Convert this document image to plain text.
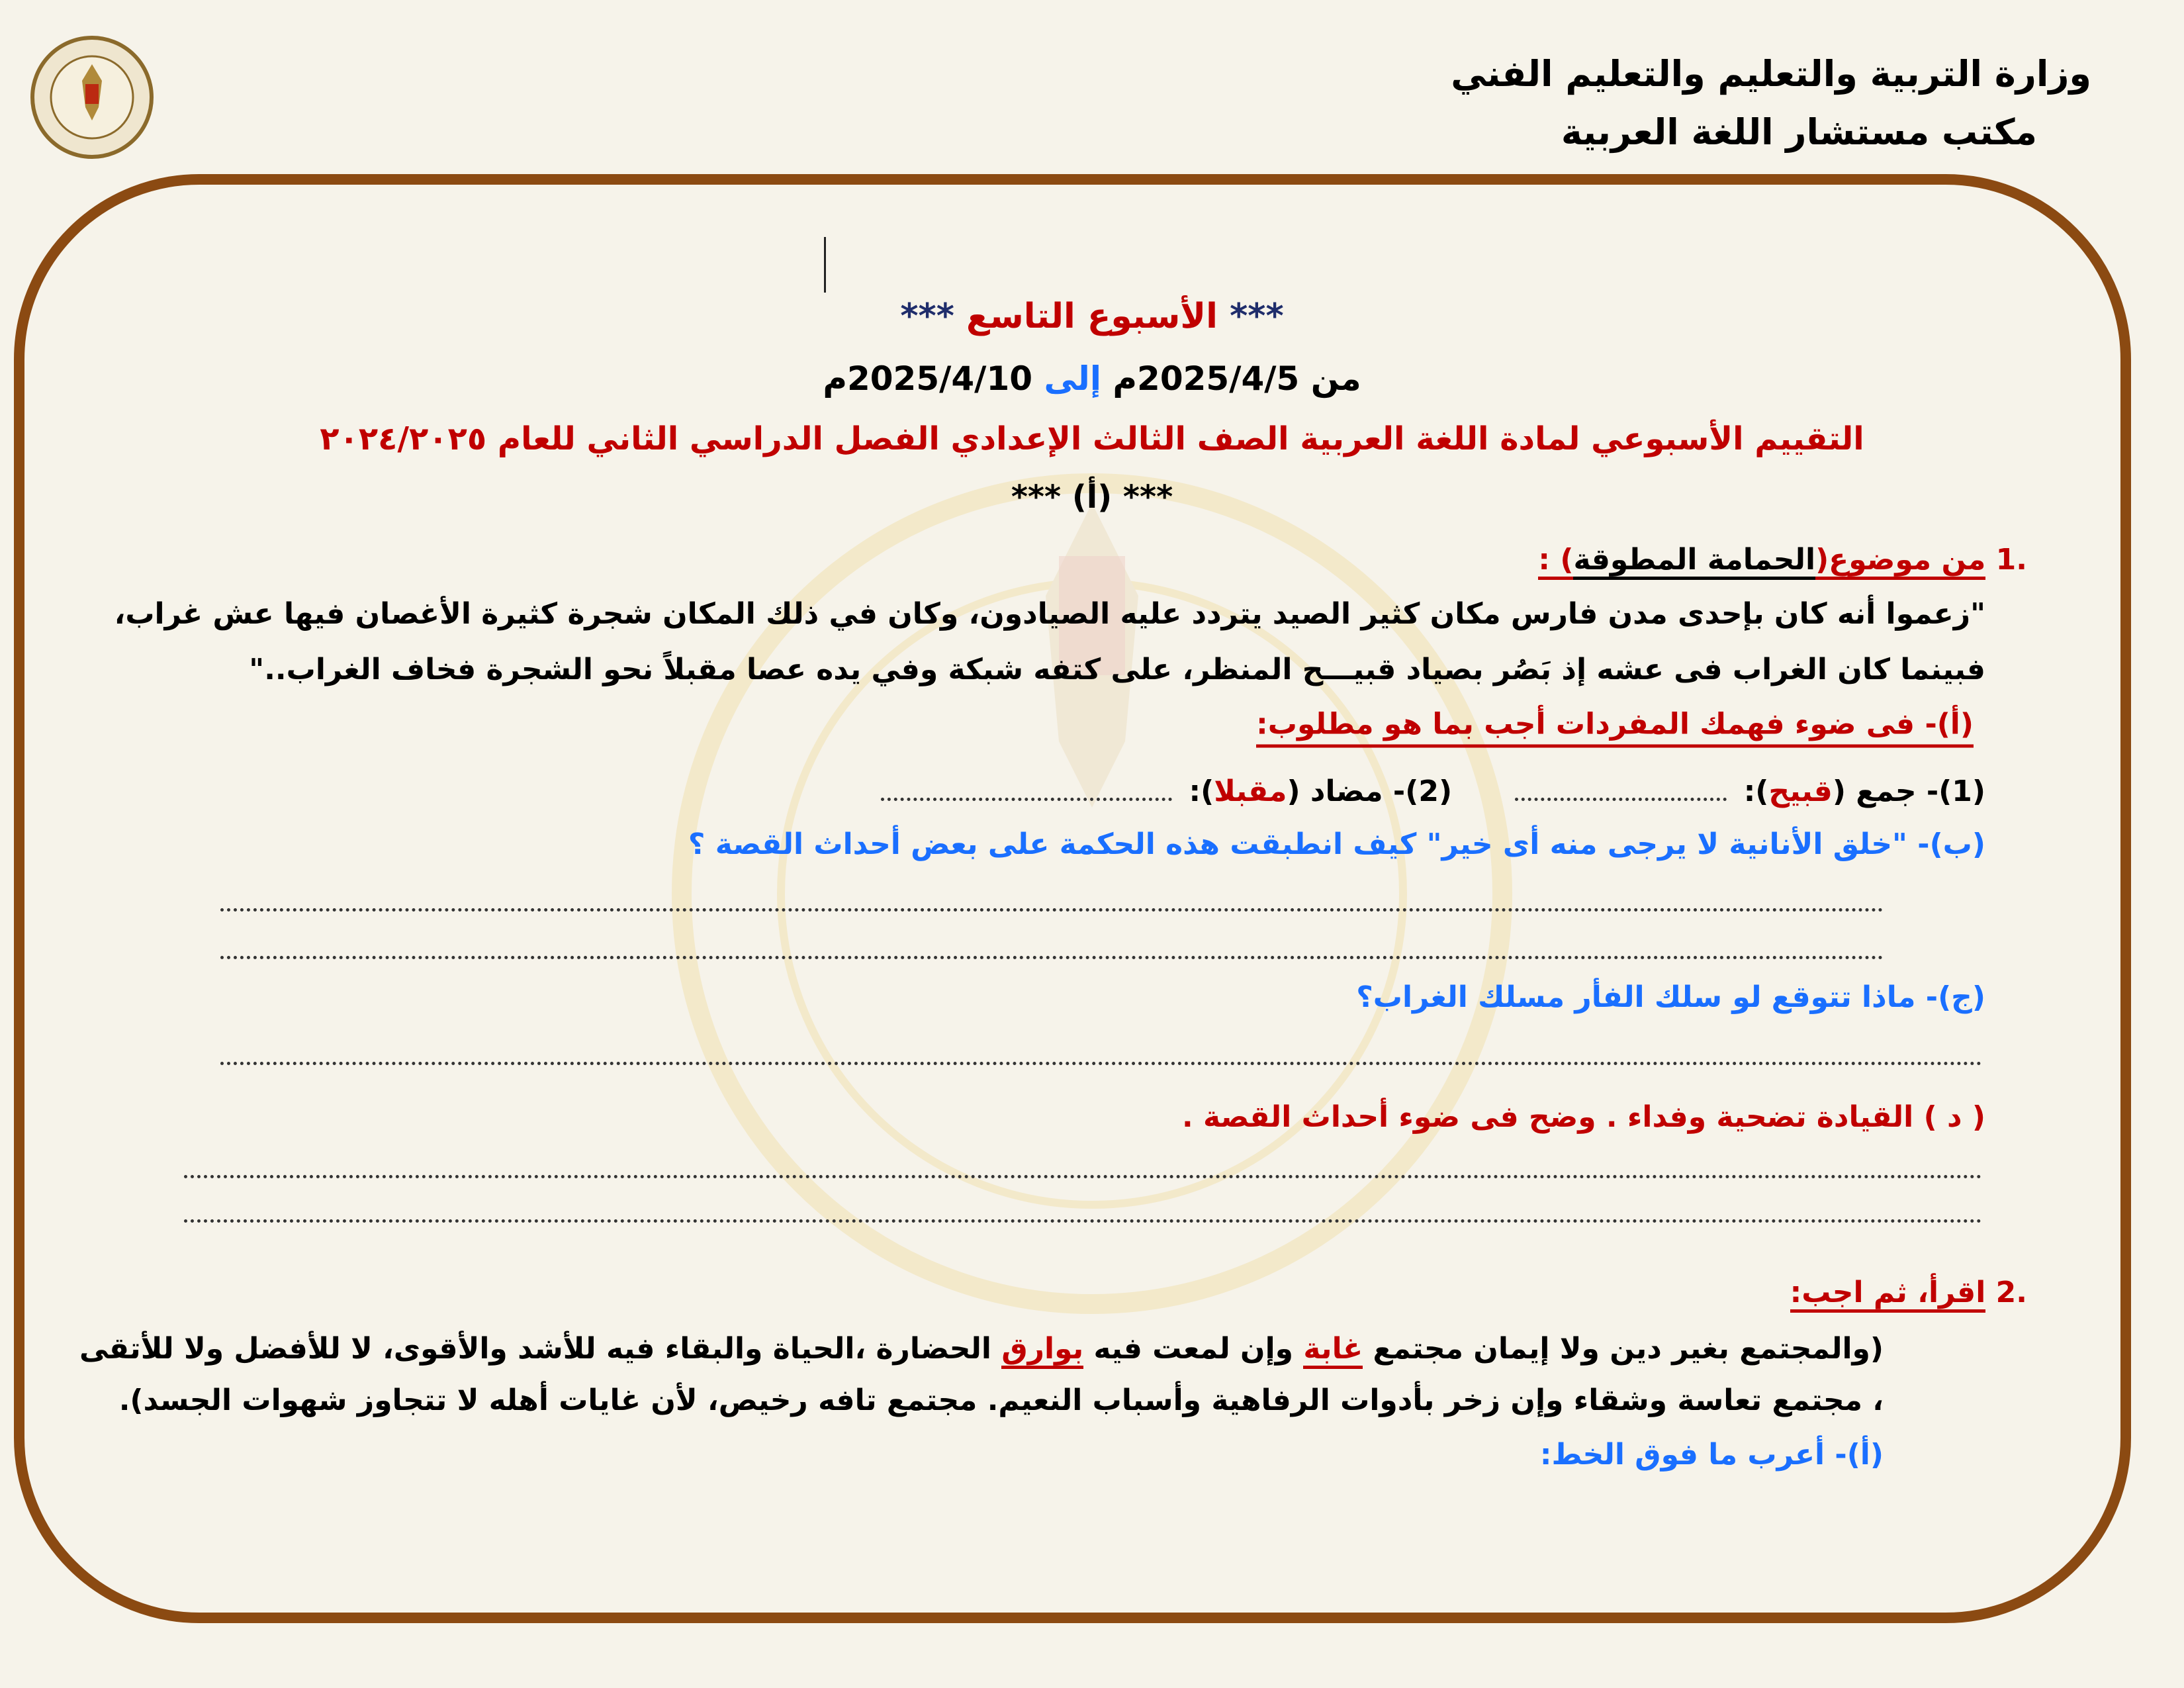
وزارة التربية والتعليم والتعليم الفني
مكتب مستشار اللغة العربية
*** الأسبوع التاسع ***
من 2025/4/5م إلى 2025/4/10م
التقييم الأسبوعي لمادة اللغة العربية الصف الثالث الإعدادي الفصل الدراسي الثاني للعام ٢٠٢٤/٢٠٢٥
*** (أ) ***
.1 من موضوع(الحمامة المطوقة) :
"زعموا أنه كان بإحدى مدن فارس مكان كثير الصيد يتردد عليه الصيادون، وكان في ذلك المكان شجرة كثيرة الأغصان فيها عش غراب،
فبينما كان الغراب فى عشه إذ بَصُر بصياد قبيـــح المنظر، على كتفه شبكة وفي يده عصا مقبلاً نحو الشجرة فخاف الغراب.."
(أ)- فى ضوء فهمك المفردات أجب بما هو مطلوب:
(1)- جمع (قبيح):  (2)- مضاد (مقبلا):
(ب)- "خلق الأنانية لا يرجى منه أى خير" كيف انطبقت هذه الحكمة على بعض أحداث القصة ؟
(ج)- ماذا تتوقع لو سلك الفأر مسلك الغراب؟
( د ) القيادة تضحية وفداء . وضح فى ضوء أحداث القصة .
.2 اقرأ، ثم اجب:
(والمجتمع بغير دين ولا إيمان مجتمع غابة وإن لمعت فيه بوارق الحضارة ،الحياة والبقاء فيه للأشد والأقوى، لا للأفضل ولا للأتقى
، مجتمع تعاسة وشقاء وإن زخر بأدوات الرفاهية وأسباب النعيم. مجتمع تافه رخيص، لأن غايات أهله لا تتجاوز شهوات الجسد).
(أ)- أعرب ما فوق الخط:
